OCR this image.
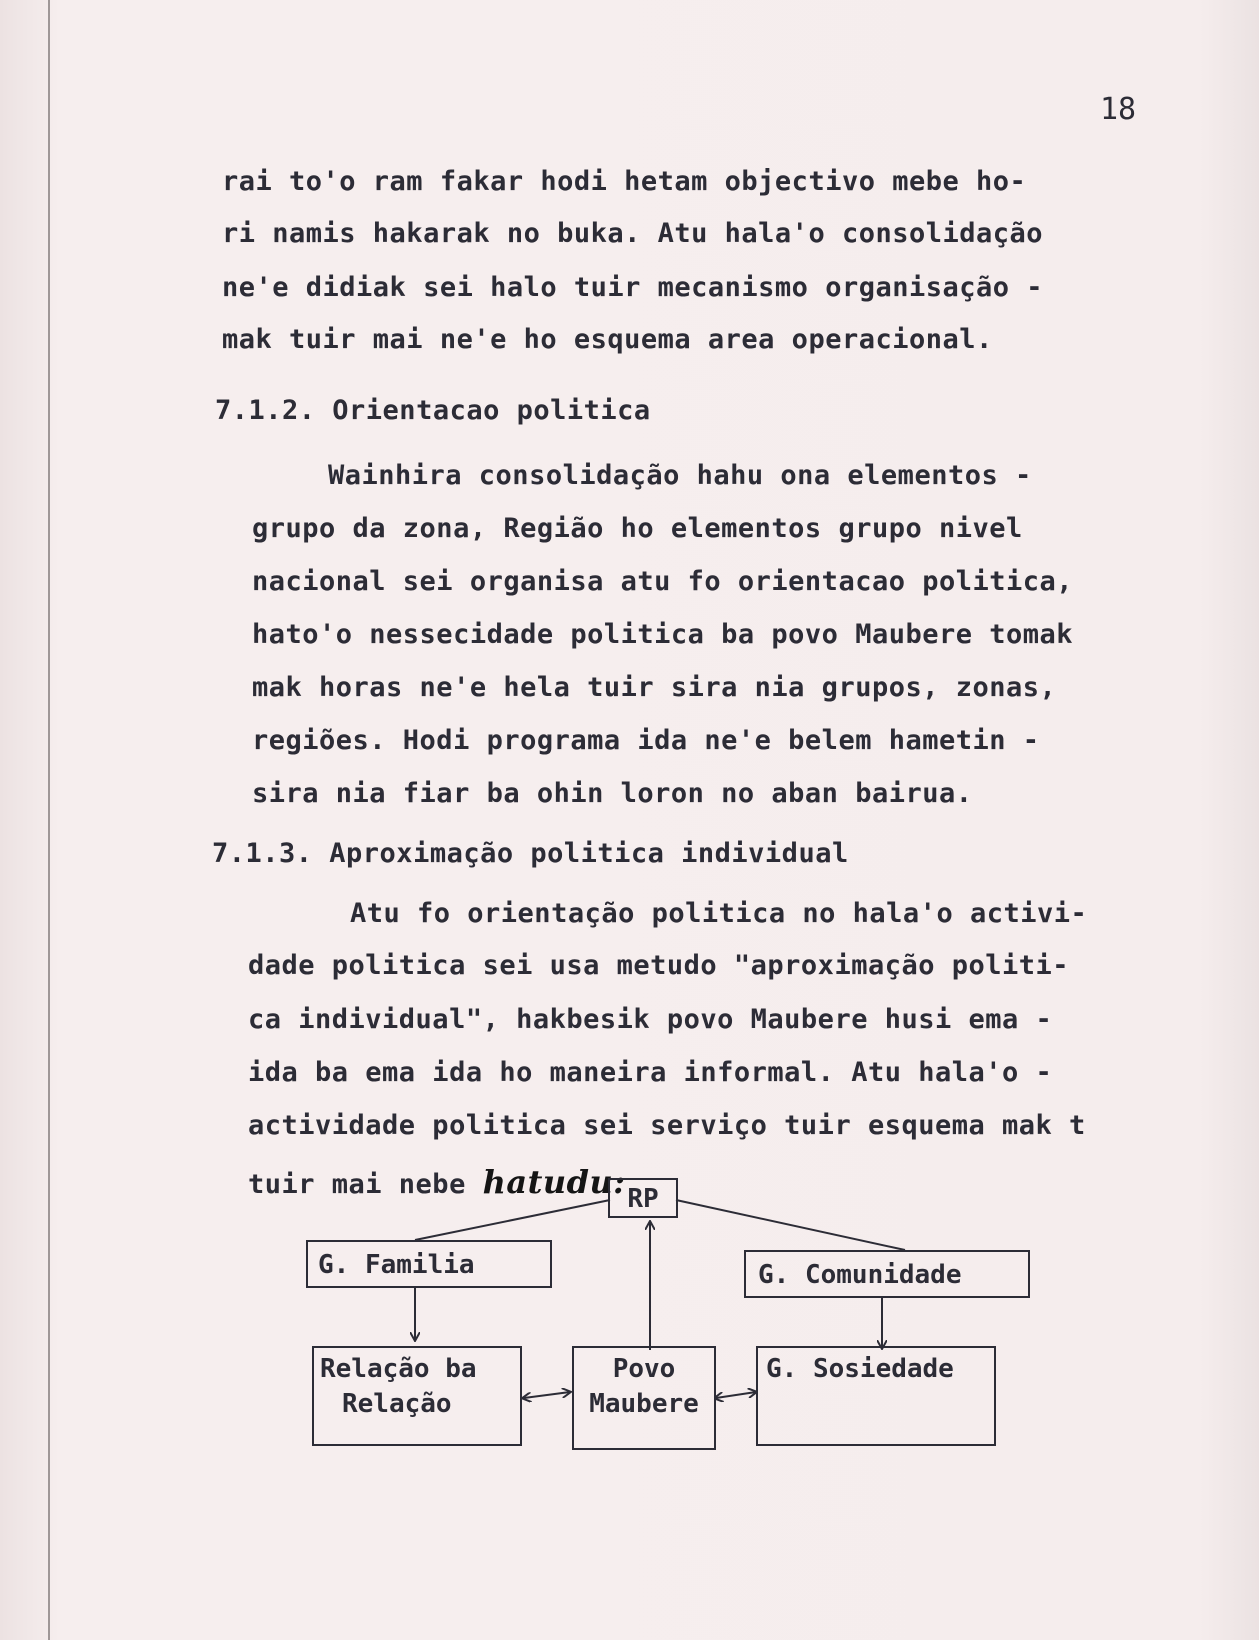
18
rai to'o ram fakar hodi hetam objectivo mebe ho-
ri namis hakarak no buka. Atu hala'o consolidação
ne'e didiak sei halo tuir mecanismo organisação -
mak tuir mai ne'e ho esquema area operacional.
7.1.2. Orientacao politica
Wainhira consolidação hahu ona elementos -
grupo da zona, Região ho elementos grupo nivel
nacional sei organisa atu fo orientacao politica,
hato'o nessecidade politica ba povo Maubere tomak
mak horas ne'e hela tuir sira nia grupos, zonas,
regiões. Hodi programa ida ne'e belem hametin -
sira nia fiar ba ohin loron no aban bairua.
7.1.3. Aproximação politica individual
Atu fo orientação politica no hala'o activi-
dade politica sei usa metudo "aproximação politi-
ca individual", hakbesik povo Maubere husi ema -
ida ba ema ida ho maneira informal. Atu hala'o -
actividade politica sei serviço tuir esquema mak t
tuir mai nebe hatudu: RP
G. Familia	G. Comunidade
Relação ba
Relação
Povo
Maubere
G. Sosiedade
